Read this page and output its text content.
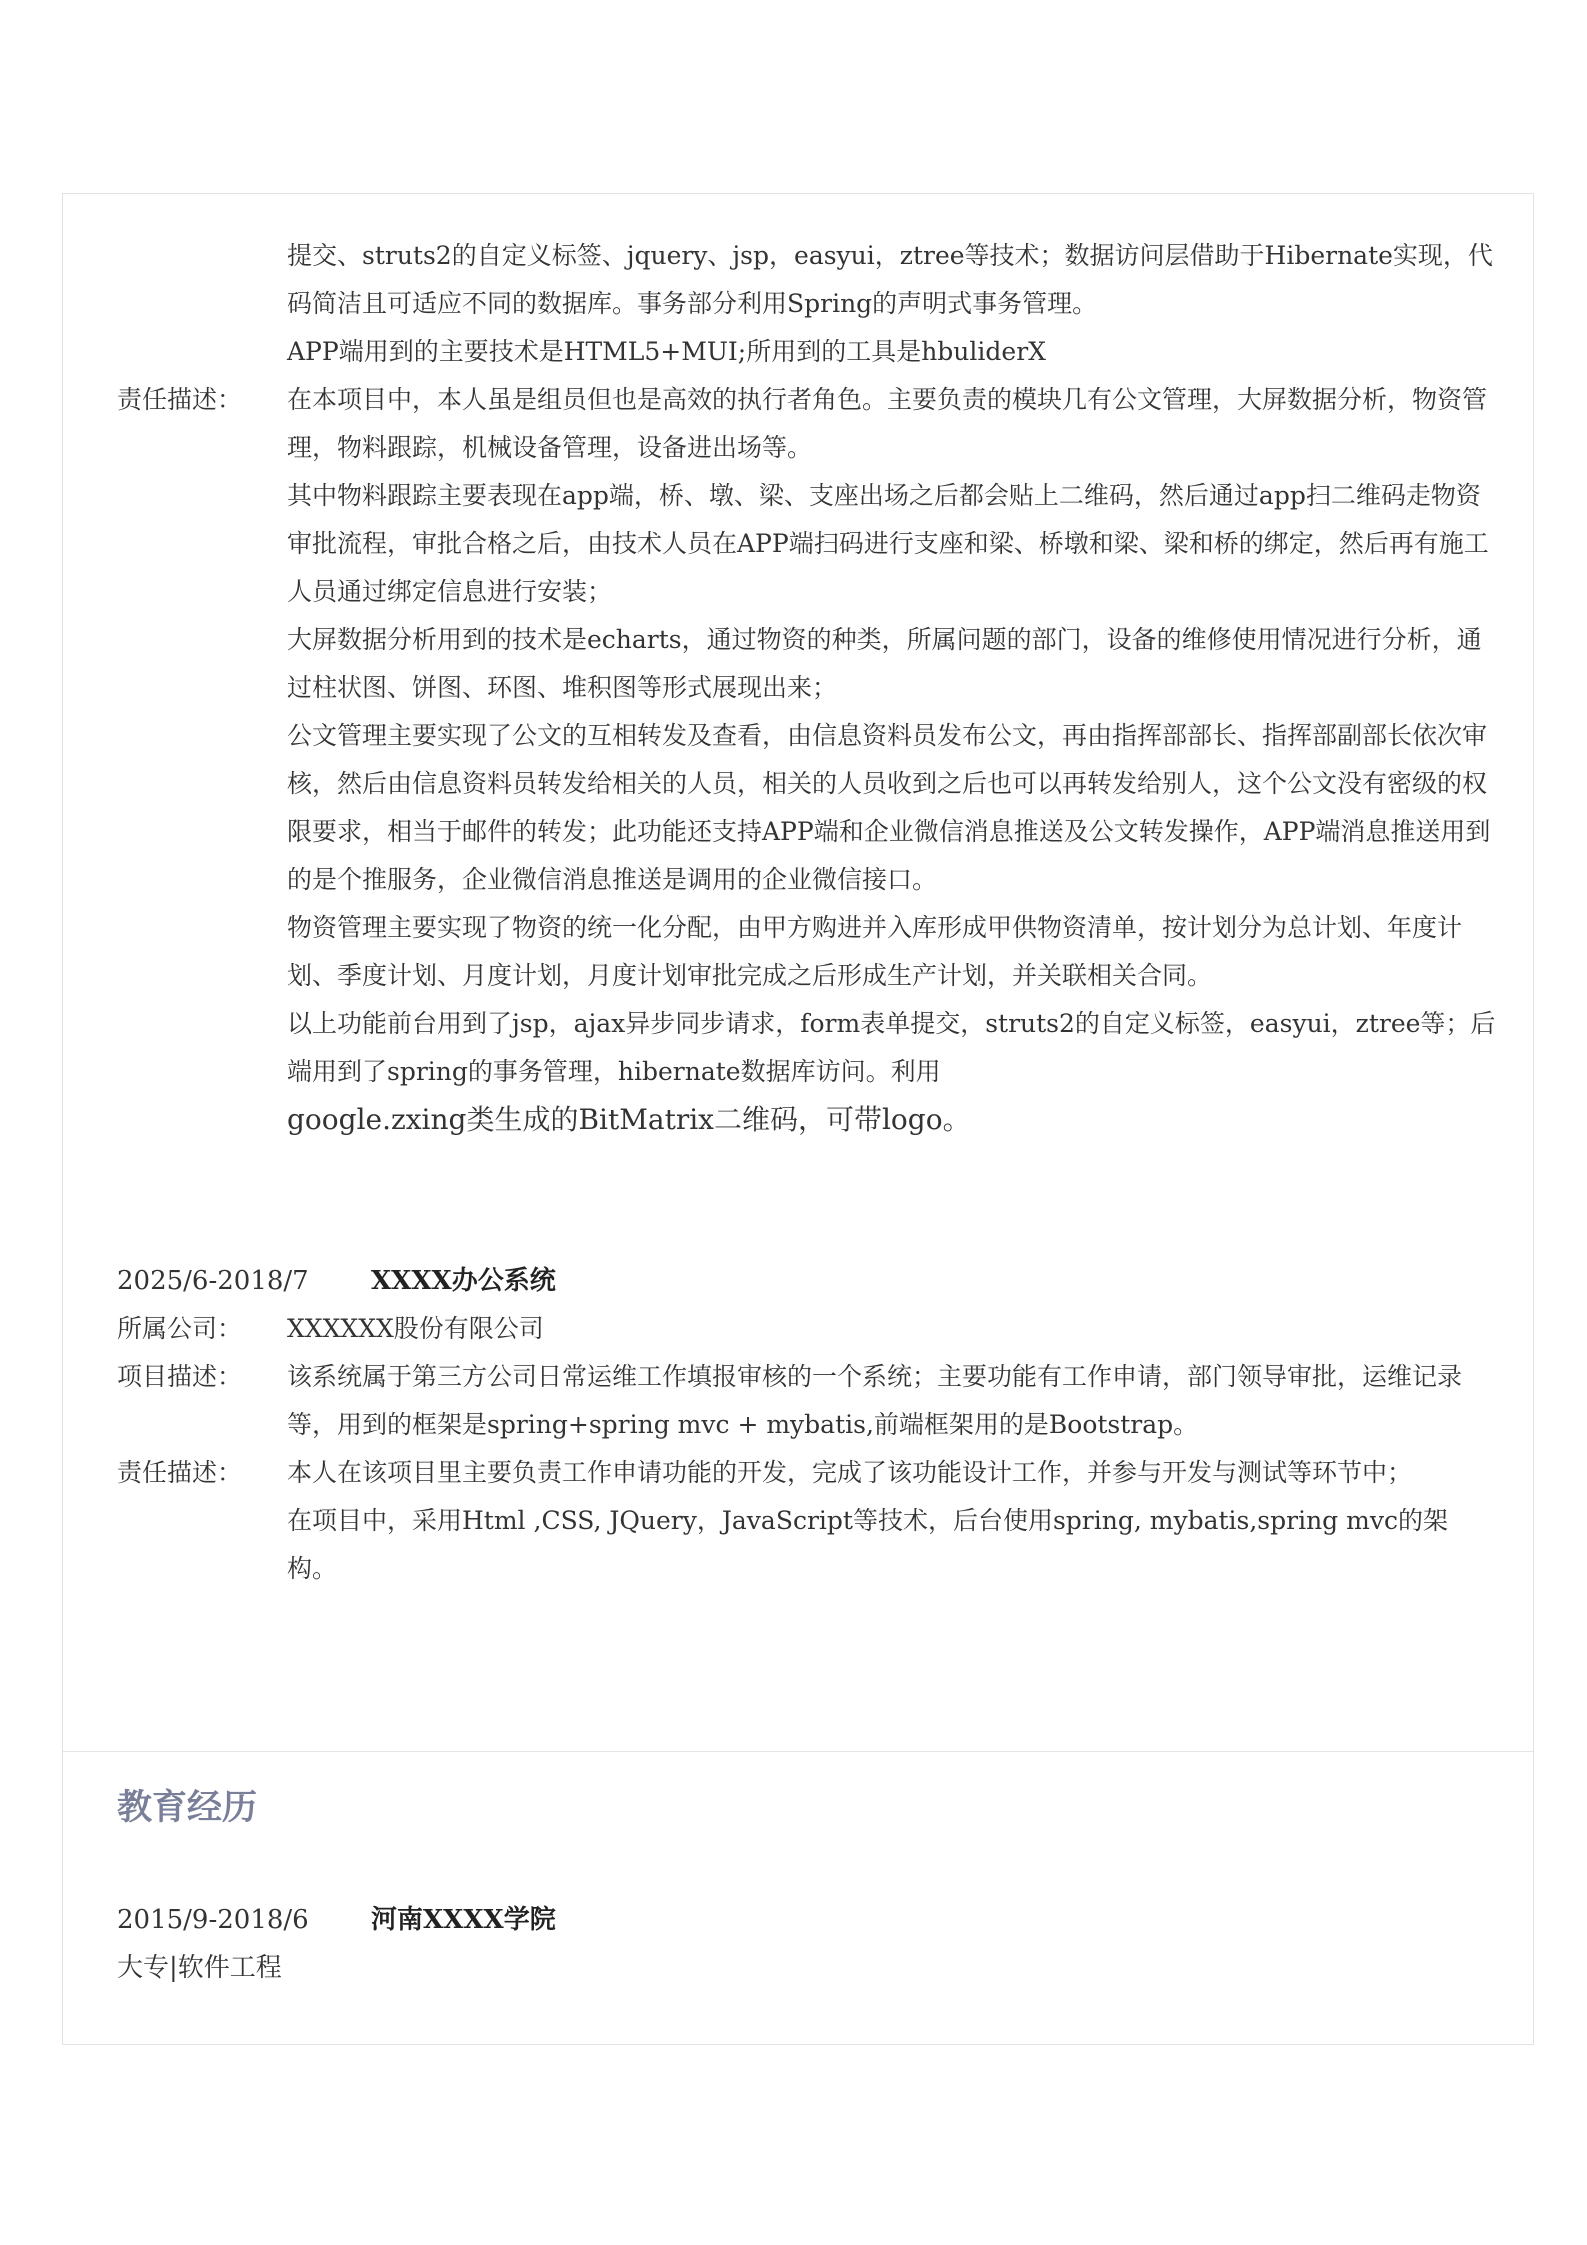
提交、struts2的自定义标签、jquery、jsp，easyui，ztree等技术；数据访问层借助于Hibernate实现，代码简洁且可适应不同的数据库。事务部分利用Spring的声明式事务管理。

APP端用到的主要技术是HTML5+MUI;所用到的工具是hbuliderX

责任描述：	在本项目中，本人虽是组员但也是高效的执行者角色。主要负责的模块几有公文管理，大屏数据分析，物资管理，物料跟踪，机械设备管理，设备进出场等。

其中物料跟踪主要表现在app端，桥、墩、梁、支座出场之后都会贴上二维码，然后通过app扫二维码走物资审批流程，审批合格之后，由技术人员在APP端扫码进行支座和梁、桥墩和梁、梁和桥的绑定，然后再有施工人员通过绑定信息进行安装；

大屏数据分析用到的技术是echarts，通过物资的种类，所属问题的部门，设备的维修使用情况进行分析，通过柱状图、饼图、环图、堆积图等形式展现出来；

公文管理主要实现了公文的互相转发及查看，由信息资料员发布公文，再由指挥部部长、指挥部副部长依次审核，然后由信息资料员转发给相关的人员，相关的人员收到之后也可以再转发给别人，这个公文没有密级的权限要求，相当于邮件的转发；此功能还支持APP端和企业微信消息推送及公文转发操作，APP端消息推送用到的是个推服务，企业微信消息推送是调用的企业微信接口。

物资管理主要实现了物资的统一化分配，由甲方购进并入库形成甲供物资清单，按计划分为总计划、年度计划、季度计划、月度计划，月度计划审批完成之后形成生产计划，并关联相关合同。

以上功能前台用到了jsp，ajax异步同步请求，form表单提交，struts2的自定义标签，easyui，ztree等；后端用到了spring的事务管理，hibernate数据库访问。利用

google.zxing类生成的BitMatrix二维码，可带logo。

2025/6-2018/7	XXXX办公系统
所属公司：	XXXXXX股份有限公司
项目描述：	该系统属于第三方公司日常运维工作填报审核的一个系统；主要功能有工作申请，部门领导审批，运维记录等，用到的框架是spring+spring mvc + mybatis,前端框架用的是Bootstrap。
责任描述：	本人在该项目里主要负责工作申请功能的开发，完成了该功能设计工作，并参与开发与测试等环节中；

在项目中，采用Html ,CSS, JQuery，JavaScript等技术，后台使用spring, mybatis,spring mvc的架构。

教育经历
2015/9-2018/6	河南XXXX学院
大专|软件工程
